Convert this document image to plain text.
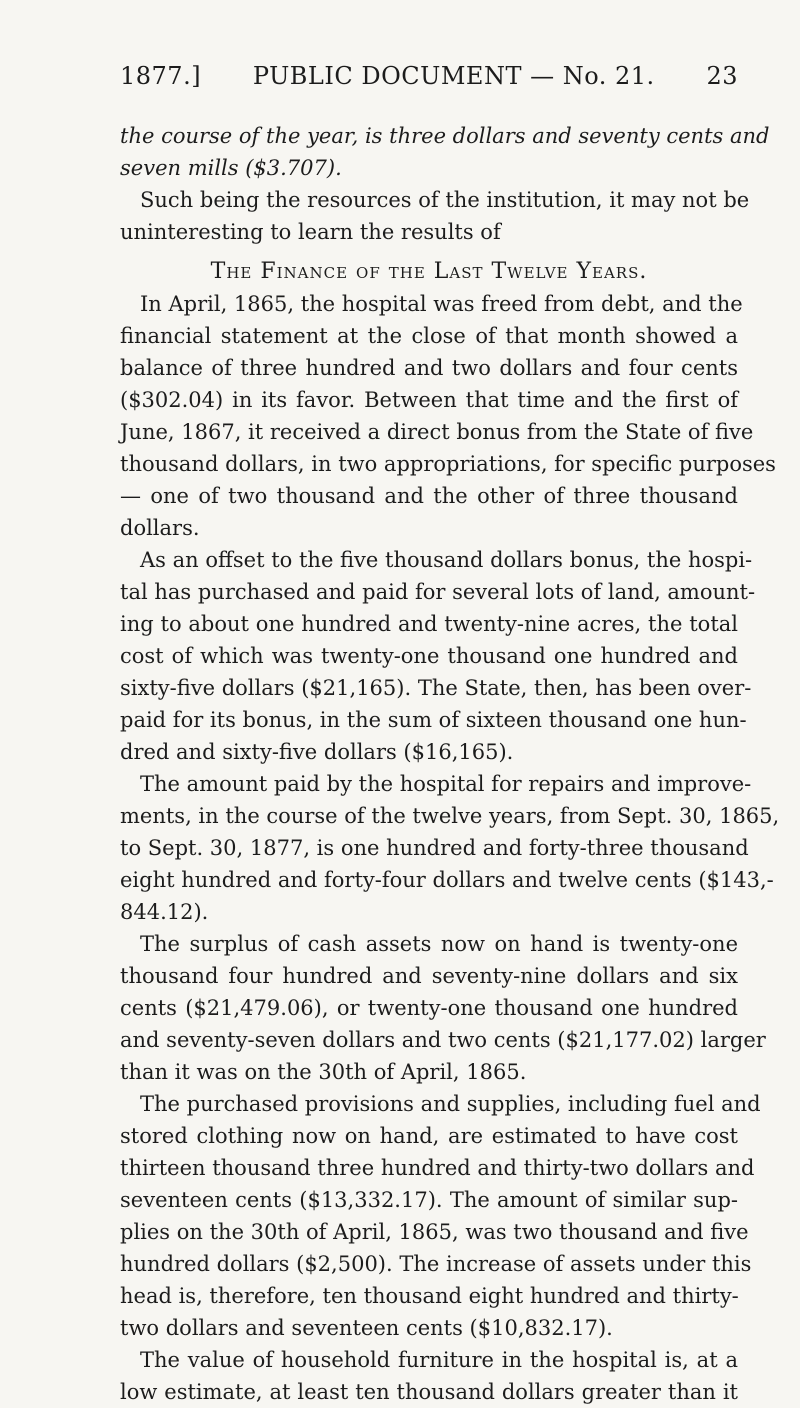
1877.] PUBLIC DOCUMENT — No. 21. 23
the course of the year, is three dollars and seventy cents and
seven mills ($3.707).
Such being the resources of the institution, it may not be
uninteresting to learn the results of
The Finance of the Last Twelve Years.
In April, 1865, the hospital was freed from debt, and the
financial statement at the close of that month showed a
balance of three hundred and two dollars and four cents
($302.04) in its favor. Between that time and the first of
June, 1867, it received a direct bonus from the State of five
thousand dollars, in two appropriations, for specific purposes
— one of two thousand and the other of three thousand
dollars.
As an offset to the five thousand dollars bonus, the hospi-
tal has purchased and paid for several lots of land, amount-
ing to about one hundred and twenty-nine acres, the total
cost of which was twenty-one thousand one hundred and
sixty-five dollars ($21,165). The State, then, has been over-
paid for its bonus, in the sum of sixteen thousand one hun-
dred and sixty-five dollars ($16,165).
The amount paid by the hospital for repairs and improve-
ments, in the course of the twelve years, from Sept. 30, 1865,
to Sept. 30, 1877, is one hundred and forty-three thousand
eight hundred and forty-four dollars and twelve cents ($143,-
844.12).
The surplus of cash assets now on hand is twenty-one
thousand four hundred and seventy-nine dollars and six
cents ($21,479.06), or twenty-one thousand one hundred
and seventy-seven dollars and two cents ($21,177.02) larger
than it was on the 30th of April, 1865.
The purchased provisions and supplies, including fuel and
stored clothing now on hand, are estimated to have cost
thirteen thousand three hundred and thirty-two dollars and
seventeen cents ($13,332.17). The amount of similar sup-
plies on the 30th of April, 1865, was two thousand and five
hundred dollars ($2,500). The increase of assets under this
head is, therefore, ten thousand eight hundred and thirty-
two dollars and seventeen cents ($10,832.17).
The value of household furniture in the hospital is, at a
low estimate, at least ten thousand dollars greater than it
